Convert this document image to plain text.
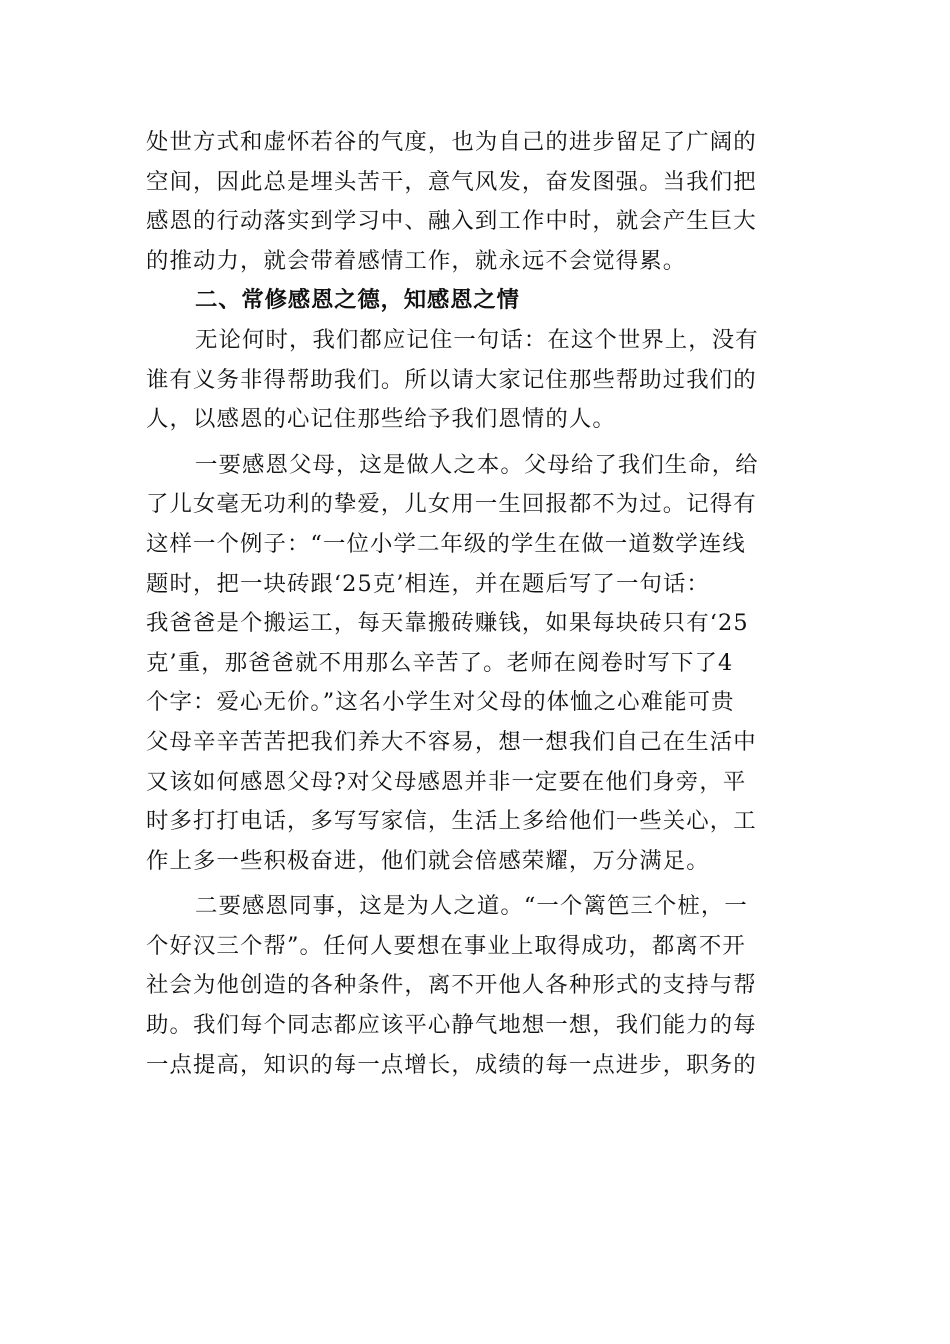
处世方式和虚怀若谷的气度，也为自己的进步留足了广阔的
空间，因此总是埋头苦干，意气风发，奋发图强。当我们把
感恩的行动落实到学习中、融入到工作中时，就会产生巨大
的推动力，就会带着感情工作，就永远不会觉得累。
二、常修感恩之德，知感恩之情
无论何时，我们都应记住一句话：在这个世界上，没有
谁有义务非得帮助我们。所以请大家记住那些帮助过我们的
人，以感恩的心记住那些给予我们恩情的人。
一要感恩父母，这是做人之本。父母给了我们生命，给
了儿女毫无功利的挚爱，儿女用一生回报都不为过。记得有
这样一个例子：“一位小学二年级的学生在做一道数学连线
题时，把一块砖跟‘25克’相连，并在题后写了一句话：
我爸爸是个搬运工，每天靠搬砖赚钱，如果每块砖只有‘25
克’重，那爸爸就不用那么辛苦了。老师在阅卷时写下了4
个字：爱心无价。”这名小学生对父母的体恤之心难能可贵
父母辛辛苦苦把我们养大不容易，想一想我们自己在生活中
又该如何感恩父母?对父母感恩并非一定要在他们身旁，平
时多打打电话，多写写家信，生活上多给他们一些关心，工
作上多一些积极奋进，他们就会倍感荣耀，万分满足。
二要感恩同事，这是为人之道。“一个篱笆三个桩，一
个好汉三个帮”。任何人要想在事业上取得成功，都离不开
社会为他创造的各种条件，离不开他人各种形式的支持与帮
助。我们每个同志都应该平心静气地想一想，我们能力的每
一点提高，知识的每一点增长，成绩的每一点进步，职务的
